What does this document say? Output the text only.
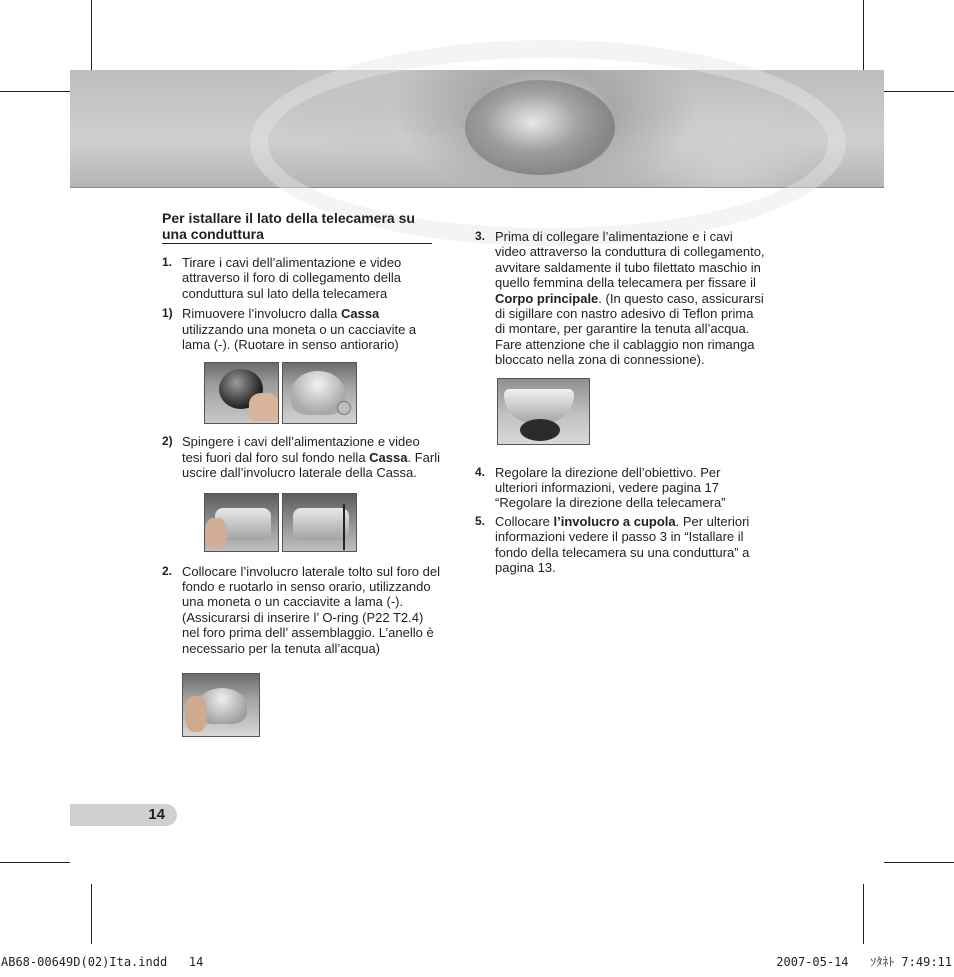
Per istallare il lato della telecamera su una conduttura

1. Tirare i cavi dell’alimentazione e video attraverso il foro di collegamento della conduttura sul lato della telecamera

1) Rimuovere l’involucro dalla Cassa utilizzando una moneta o un cacciavite a lama (-). (Ruotare in senso antiorario)

2) Spingere i cavi dell’alimentazione e video tesi fuori dal foro sul fondo nella Cassa. Farli uscire dall’involucro laterale della Cassa.

2. Collocare l’involucro laterale tolto sul foro del fondo e ruotarlo in senso orario, utilizzando una moneta o un cacciavite a lama (-). (Assicurarsi di inserire l’ O-ring (P22 T2.4) nel foro prima dell’ assemblaggio. L’anello è necessario per la tenuta all’acqua)

3. Prima di collegare l’alimentazione e i cavi video attraverso la conduttura di collegamento, avvitare saldamente il tubo filettato maschio in quello femmina della telecamera per fissare il Corpo principale. (In questo caso, assicurarsi di sigillare con nastro adesivo di Teflon prima di montare, per garantire la tenuta all’acqua. Fare attenzione che il cablaggio non rimanga bloccato nella zona di connessione).

4. Regolare la direzione dell’obiettivo. Per ulteriori informazioni, vedere pagina 17 “Regolare la direzione della telecamera”

5. Collocare l’involucro a cupola. Per ulteriori informazioni vedere il passo 3 in “Istallare il fondo della telecamera su una conduttura” a pagina 13.

14
AB68-00649D(02)Ita.indd   14	2007-05-14   ｿﾀﾈﾄ 7:49:11
